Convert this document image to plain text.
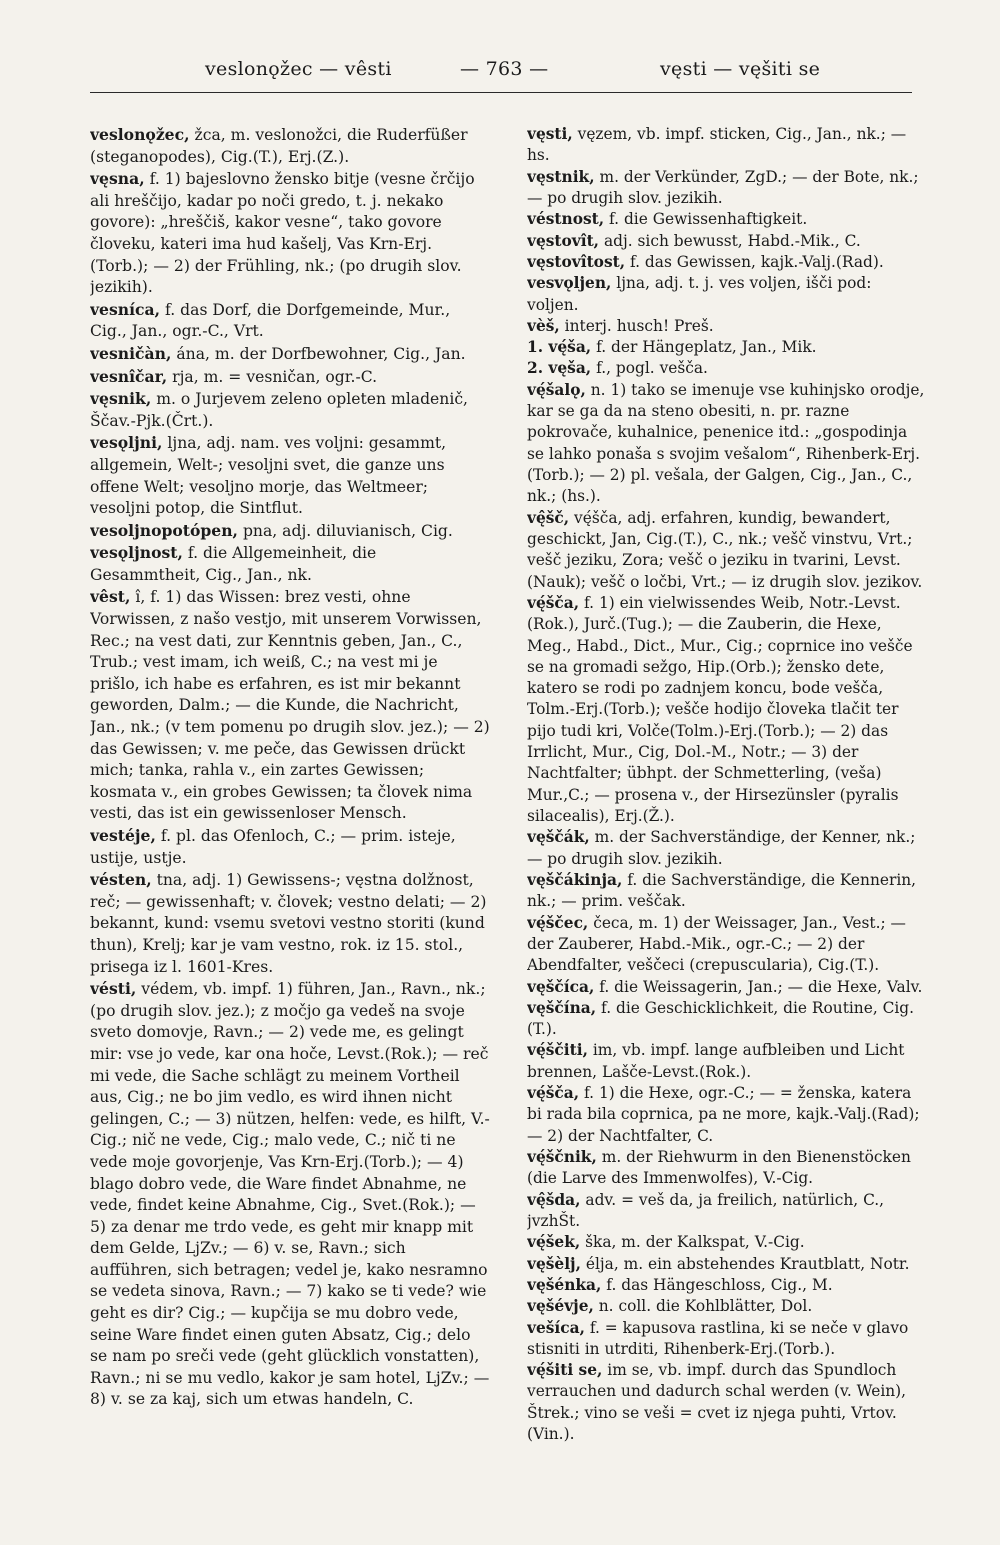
veslonǫžec — vêsti	— 763 —	vęsti — vęšiti se

veslonǫžec, žca, m. veslonožci, die Ruderfüßer (steganopodes), Cig.(T.), Erj.(Z.).

vęsna, f. 1) bajeslovno žensko bitje (vesne črčijo ali hreščijo, kadar po noči gredo, t. j. nekako govore): „hreščiš, kakor vesne“, tako govore človeku, kateri ima hud kašelj, Vas Krn-Erj.(Torb.); — 2) der Frühling, nk.; (po drugih slov. jezikih).

vesníca, f. das Dorf, die Dorfgemeinde, Mur., Cig., Jan., ogr.-C., Vrt.

vesničàn, ána, m. der Dorfbewohner, Cig., Jan.

vesnîčar, rja, m. = vesničan, ogr.-C.

vęsnik, m. o Jurjevem zeleno opleten mladenič, Ščav.-Pjk.(Črt.).

vesǫljni, ljna, adj. nam. ves voljni: gesammt, allgemein, Welt-; vesoljni svet, die ganze uns offene Welt; vesoljno morje, das Weltmeer; vesoljni potop, die Sintflut.

vesoljnopotópen, pna, adj. diluvianisch, Cig.

vesǫljnost, f. die Allgemeinheit, die Gesammtheit, Cig., Jan., nk.

vêst, î, f. 1) das Wissen: brez vesti, ohne Vorwissen, z našo vestjo, mit unserem Vorwissen, Rec.; na vest dati, zur Kenntnis geben, Jan., C., Trub.; vest imam, ich weiß, C.; na vest mi je prišlo, ich habe es erfahren, es ist mir bekannt geworden, Dalm.; — die Kunde, die Nachricht, Jan., nk.; (v tem pomenu po drugih slov. jez.); — 2) das Gewissen; v. me peče, das Gewissen drückt mich; tanka, rahla v., ein zartes Gewissen; kosmata v., ein grobes Gewissen; ta človek nima vesti, das ist ein gewissenloser Mensch.

vestéje, f. pl. das Ofenloch, C.; — prim. isteje, ustije, ustje.

vésten, tna, adj. 1) Gewissens-; vęstna dolžnost, reč; — gewissenhaft; v. človek; vestno delati; — 2) bekannt, kund: vsemu svetovi vestno storiti (kund thun), Krelj; kar je vam vestno, rok. iz 15. stol., prisega iz l. 1601-Kres.

vésti, védem, vb. impf. 1) führen, Jan., Ravn., nk.; (po drugih slov. jez.); z močjo ga vedeš na svoje sveto domovje, Ravn.; — 2) vede me, es gelingt mir: vse jo vede, kar ona hoče, Levst.(Rok.); — reč mi vede, die Sache schlägt zu meinem Vortheil aus, Cig.; ne bo jim vedlo, es wird ihnen nicht gelingen, C.; — 3) nützen, helfen: vede, es hilft, V.-Cig.; nič ne vede, Cig.; malo vede, C.; nič ti ne vede moje govorjenje, Vas Krn-Erj.(Torb.); — 4) blago dobro vede, die Ware findet Abnahme, ne vede, findet keine Abnahme, Cig., Svet.(Rok.); — 5) za denar me trdo vede, es geht mir knapp mit dem Gelde, LjZv.; — 6) v. se, Ravn.; sich aufführen, sich betragen; vedel je, kako nesramno se vedeta sinova, Ravn.; — 7) kako se ti vede? wie geht es dir? Cig.; — kupčija se mu dobro vede, seine Ware findet einen guten Absatz, Cig.; delo se nam po sreči vede (geht glücklich vonstatten), Ravn.; ni se mu vedlo, kakor je sam hotel, LjZv.; — 8) v. se za kaj, sich um etwas handeln, C.

vęsti, vęzem, vb. impf. sticken, Cig., Jan., nk.; — hs.

vęstnik, m. der Verkünder, ZgD.; — der Bote, nk.; — po drugih slov. jezikih.

véstnost, f. die Gewissenhaftigkeit.

vęstovît, adj. sich bewusst, Habd.-Mik., C.

vęstovîtost, f. das Gewissen, kajk.-Valj.(Rad).

vesvǫljen, ljna, adj. t. j. ves voljen, išči pod: voljen.

vèš, interj. husch! Preš.

1. vę́ša, f. der Hängeplatz, Jan., Mik.

2. vęša, f., pogl. vešča.

vę́šalǫ, n. 1) tako se imenuje vse kuhinjsko orodje, kar se ga da na steno obesiti, n. pr. razne pokrovače, kuhalnice, penenice itd.: „gospodinja se lahko ponaša s svojim vešalom“, Rihenberk-Erj.(Torb.); — 2) pl. vešala, der Galgen, Cig., Jan., C., nk.; (hs.).

vę̂šč, vę́šča, adj. erfahren, kundig, bewandert, geschickt, Jan, Cig.(T.), C., nk.; vešč vinstvu, Vrt.; vešč jeziku, Zora; vešč o jeziku in tvarini, Levst.(Nauk); vešč o ločbi, Vrt.; — iz drugih slov. jezikov.

vę́šča, f. 1) ein vielwissendes Weib, Notr.-Levst.(Rok.), Jurč.(Tug.); — die Zauberin, die Hexe, Meg., Habd., Dict., Mur., Cig.; coprnice ino vešče se na gromadi sežgo, Hip.(Orb.); žensko dete, katero se rodi po zadnjem koncu, bode vešča, Tolm.-Erj.(Torb.); vešče hodijo človeka tlačit ter pijo tudi kri, Volče(Tolm.)-Erj.(Torb.); — 2) das Irrlicht, Mur., Cig, Dol.-M., Notr.; — 3) der Nachtfalter; übhpt. der Schmetterling, (veša) Mur.,C.; — prosena v., der Hirsezünsler (pyralis silacealis), Erj.(Ž.).

vęščák, m. der Sachverständige, der Kenner, nk.; — po drugih slov. jezikih.

vęščákinja, f. die Sachverständige, die Kennerin, nk.; — prim. veščak.

vę́ščec, čeca, m. 1) der Weissager, Jan., Vest.; — der Zauberer, Habd.-Mik., ogr.-C.; — 2) der Abendfalter, veščeci (crepuscularia), Cig.(T.).

vęščíca, f. die Weissagerin, Jan.; — die Hexe, Valv.

vęščína, f. die Geschicklichkeit, die Routine, Cig.(T.).

vę́ščiti, im, vb. impf. lange aufbleiben und Licht brennen, Lašče-Levst.(Rok.).

vę́šča, f. 1) die Hexe, ogr.-C.; — = ženska, katera bi rada bila coprnica, pa ne more, kajk.-Valj.(Rad); — 2) der Nachtfalter, C.

vę́ščnik, m. der Riehwurm in den Bienenstöcken (die Larve des Immenwolfes), V.-Cig.

vę̂šda, adv. = veš da, ja freilich, natürlich, C., jvzhŠt.

vę́šek, ška, m. der Kalkspat, V.-Cig.

vęšèlj, élja, m. ein abstehendes Krautblatt, Notr.

vęšénka, f. das Hängeschloss, Cig., M.

vęšévje, n. coll. die Kohlblätter, Dol.

vešíca, f. = kapusova rastlina, ki se neče v glavo stisniti in utrditi, Rihenberk-Erj.(Torb.).

vę́šiti se, im se, vb. impf. durch das Spundloch verrauchen und dadurch schal werden (v. Wein), Štrek.; vino se veši = cvet iz njega puhti, Vrtov.(Vin.).
